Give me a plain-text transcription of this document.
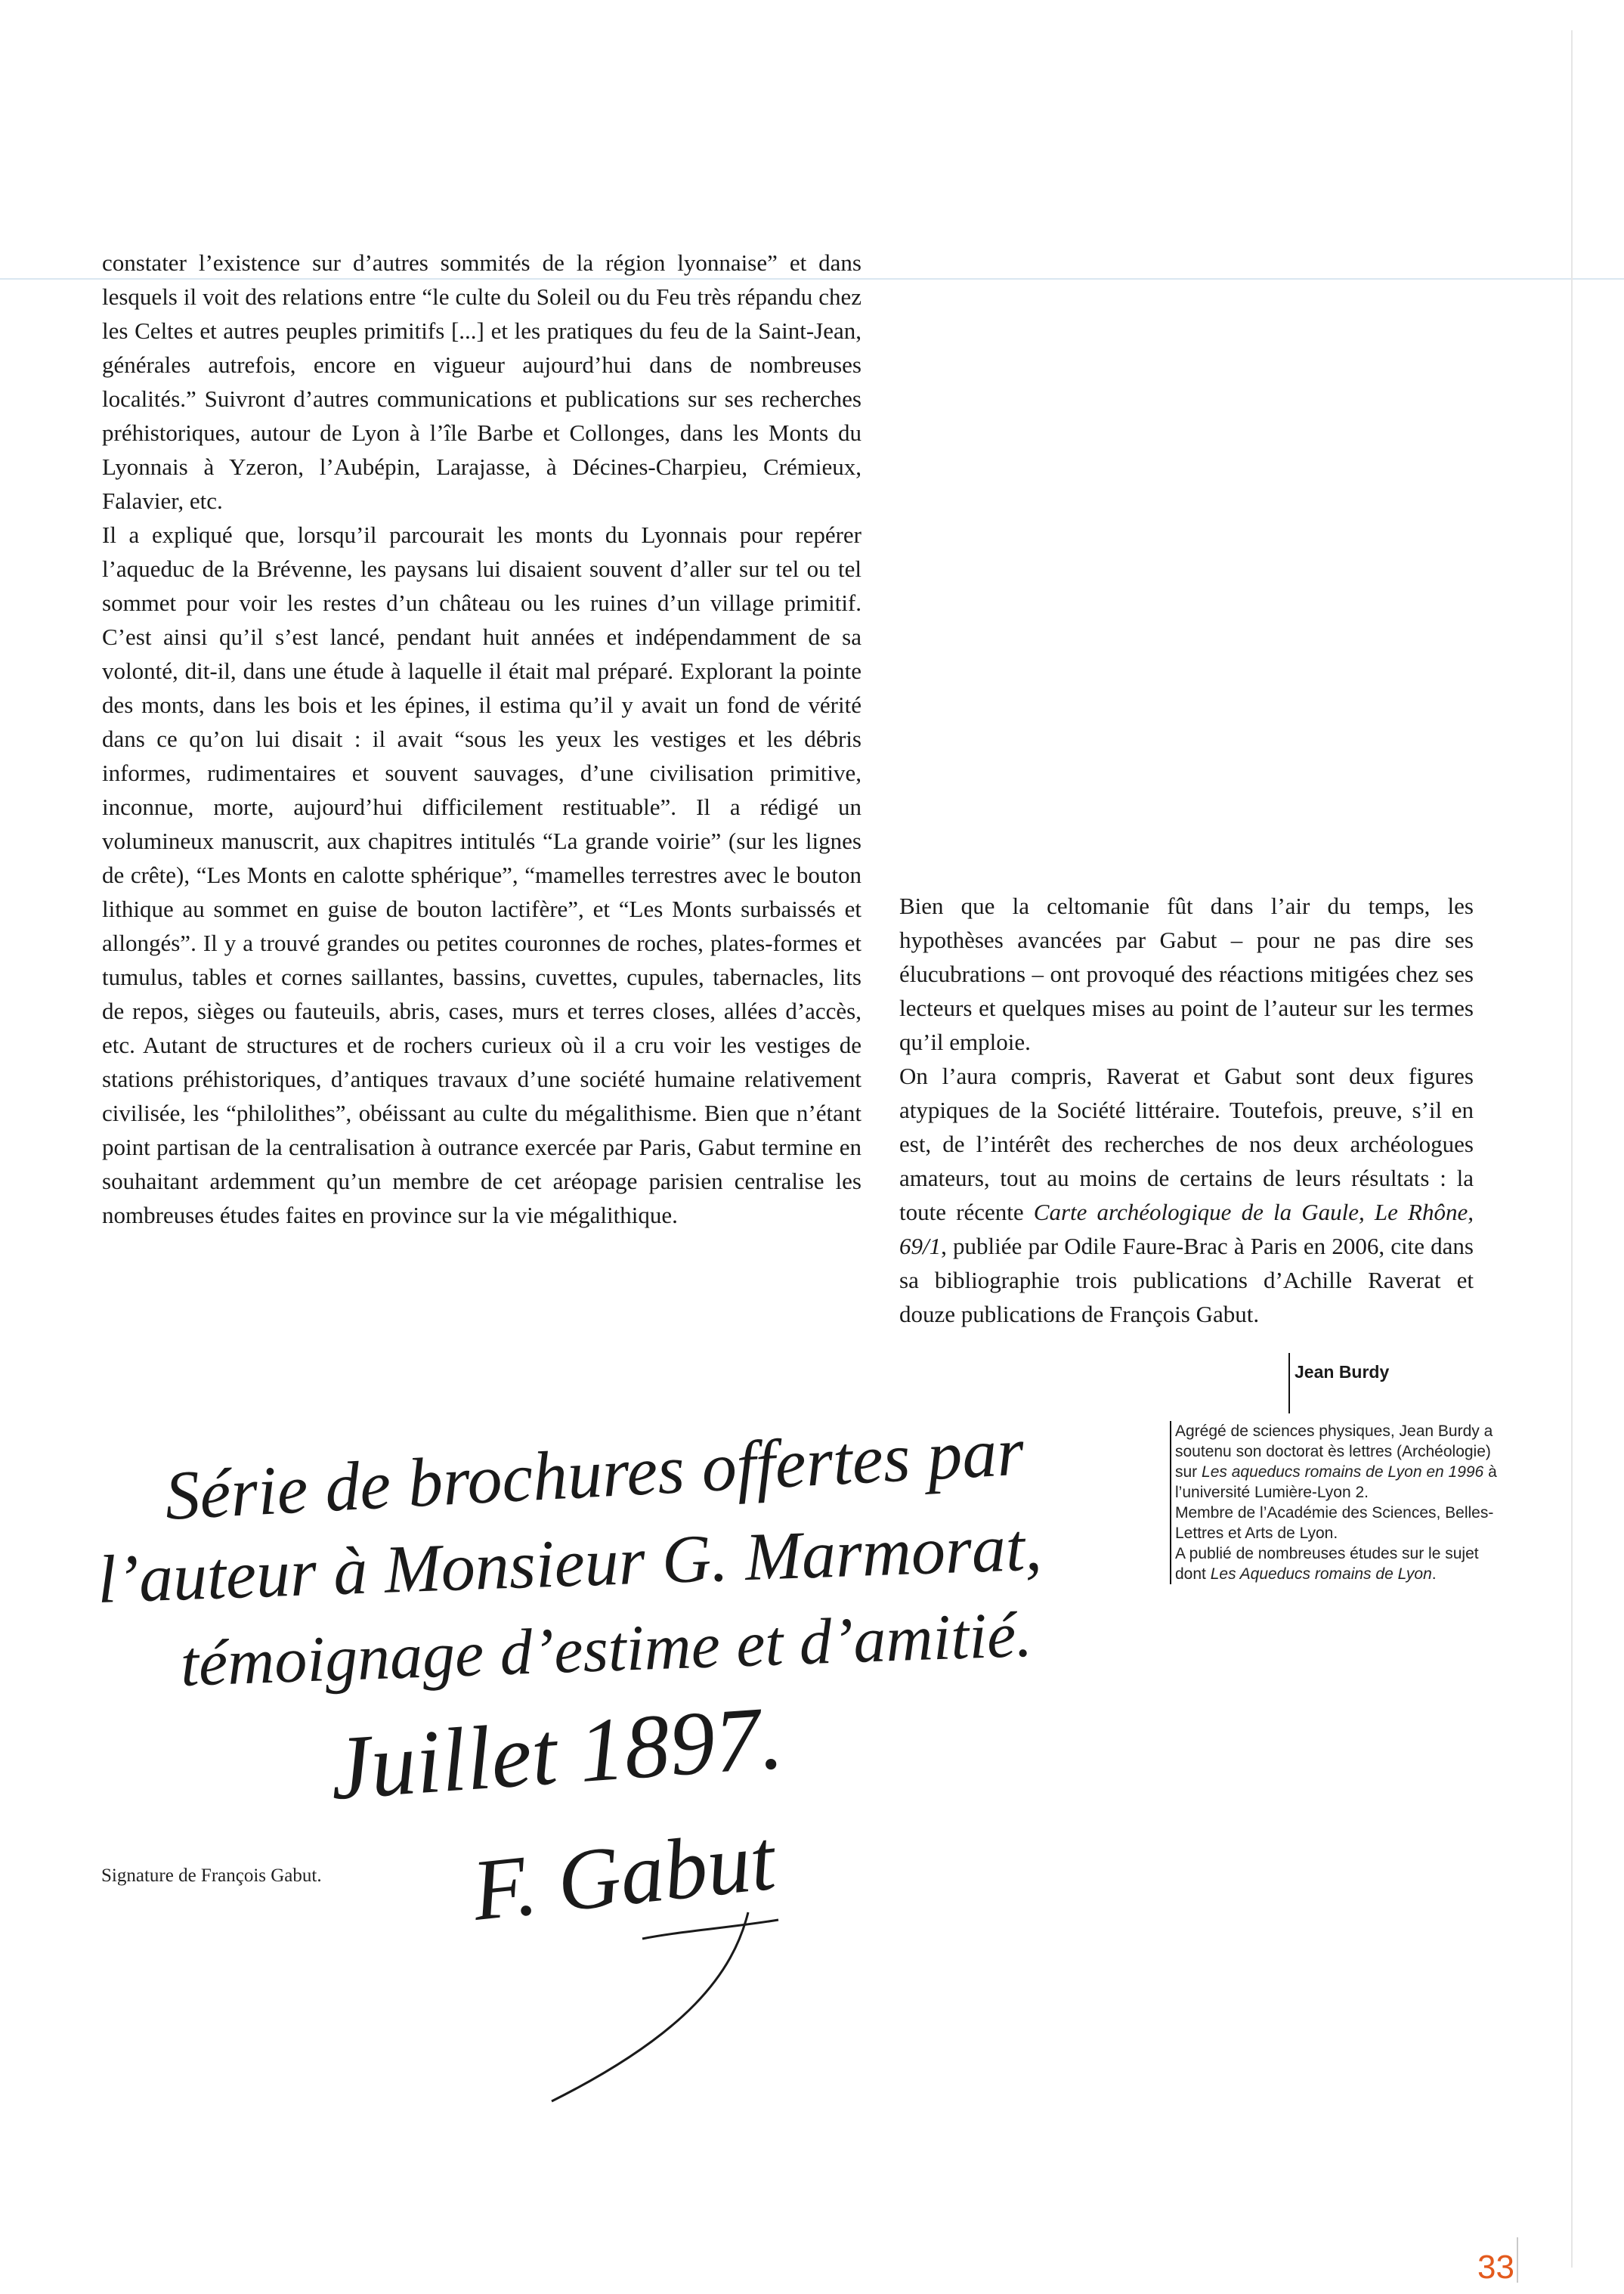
constater l’existence sur d’autres sommités de la région lyonnaise” et dans lesquels il voit des relations entre “le culte du Soleil ou du Feu très répandu chez les Celtes et autres peuples primitifs [...] et les pratiques du feu de la Saint-Jean, générales autrefois, encore en vigueur aujourd’hui dans de nombreuses localités.” Suivront d’autres communications et publications sur ses recherches préhistoriques, autour de Lyon à l’île Barbe et Collonges, dans les Monts du Lyonnais à Yzeron, l’Aubépin, Larajasse, à Décines-Charpieu, Crémieux, Falavier, etc.

Il a expliqué que, lorsqu’il parcourait les monts du Lyonnais pour repérer l’aqueduc de la Brévenne, les paysans lui disaient souvent d’aller sur tel ou tel sommet pour voir les restes d’un château ou les ruines d’un village primitif. C’est ainsi qu’il s’est lancé, pendant huit années et indépendamment de sa volonté, dit-il, dans une étude à laquelle il était mal préparé. Explorant la pointe des monts, dans les bois et les épines, il estima qu’il y avait un fond de vérité dans ce qu’on lui disait : il avait “sous les yeux les vestiges et les débris informes, rudimentaires et souvent sauvages, d’une civilisation primitive, inconnue, morte, aujourd’hui difficilement restituable”. Il a rédigé un volumineux manuscrit, aux chapitres intitulés “La grande voirie” (sur les lignes de crête), “Les Monts en calotte sphérique”, “mamelles terrestres avec le bouton lithique au sommet en guise de bouton lactifère”, et “Les Monts surbaissés et allongés”. Il y a trouvé grandes ou petites couronnes de roches, plates-formes et tumulus, tables et cornes saillantes, bassins, cuvettes, cupules, tabernacles, lits de repos, sièges ou fauteuils, abris, cases, murs et terres closes, allées d’accès, etc. Autant de structures et de rochers curieux où il a cru voir les vestiges de stations préhistoriques, d’antiques travaux d’une société humaine relativement civilisée, les “philolithes”, obéissant au culte du mégalithisme. Bien que n’étant point partisan de la centralisation à outrance exercée par Paris, Gabut termine en souhaitant ardemment qu’un membre de cet aréopage parisien centralise les nombreuses études faites en province sur la vie mégalithique.

Bien que la celtomanie fût dans l’air du temps, les hypothèses avancées par Gabut – pour ne pas dire ses élucubrations – ont provoqué des réactions mitigées chez ses lecteurs et quelques mises au point de l’auteur sur les termes qu’il emploie.

On l’aura compris, Raverat et Gabut sont deux figures atypiques de la Société littéraire. Toutefois, preuve, s’il en est, de l’intérêt des recherches de nos deux archéologues amateurs, tout au moins de certains de leurs résultats : la toute récente Carte archéologique de la Gaule, Le Rhône, 69/1, publiée par Odile Faure-Brac à Paris en 2006, cite dans sa bibliographie trois publications d’Achille Raverat et douze publications de François Gabut.

Jean Burdy

Agrégé de sciences physiques, Jean Burdy a soutenu son doctorat ès lettres (Archéologie) sur Les aqueducs romains de Lyon en 1996 à l’université Lumière-Lyon 2.

Membre de l’Académie des Sciences, Belles-Lettres et Arts de Lyon.

A publié de nombreuses études sur le sujet dont Les Aqueducs romains de Lyon.

Série de brochures offertes par
l’auteur à Monsieur G. Marmorat,
témoignage d’estime et d’amitié.
Juillet 1897.
F. Gabut
Signature de François Gabut.
33
